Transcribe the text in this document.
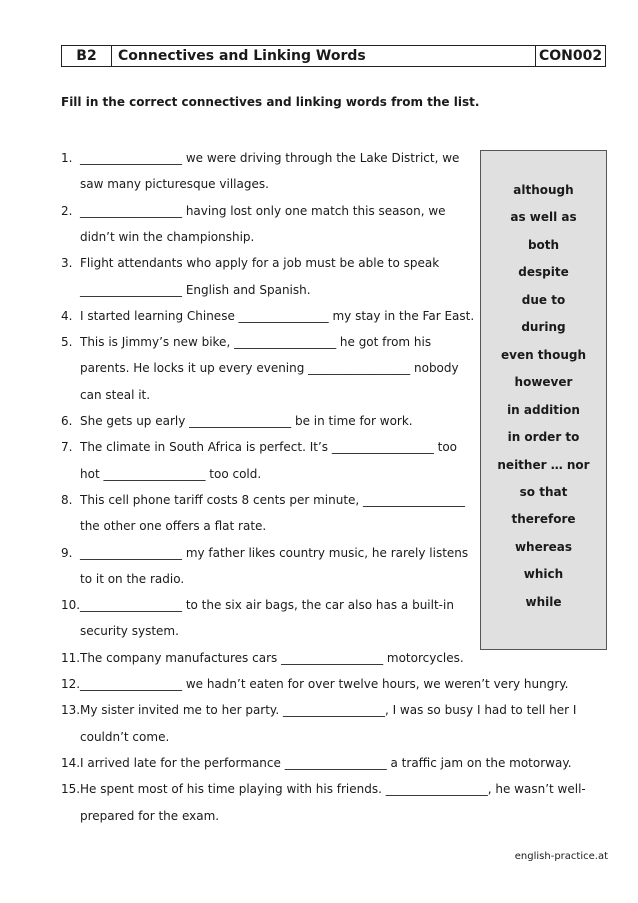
B2	Connectives and Linking Words	CON002
Fill in the correct connectives and linking words from the list.
1. _________________ we were driving through the Lake District, we
saw many picturesque villages.
2. _________________ having lost only one match this season, we
didn’t win the championship.
3. Flight attendants who apply for a job must be able to speak
_________________ English and Spanish.
4. I started learning Chinese _______________ my stay in the Far East.
5. This is Jimmy’s new bike, _________________ he got from his
parents. He locks it up every evening _________________ nobody
can steal it.
6. She gets up early _________________ be in time for work.
7. The climate in South Africa is perfect. It’s _________________ too
hot _________________ too cold.
8. This cell phone tariff costs 8 cents per minute, _________________
the other one offers a flat rate.
9. _________________ my father likes country music, he rarely listens
to it on the radio.
10. _________________ to the six air bags, the car also has a built-in
security system.
11. The company manufactures cars _________________ motorcycles.
12. _________________ we hadn’t eaten for over twelve hours, we weren’t very hungry.
13. My sister invited me to her party. _________________, I was so busy I had to tell her I
couldn’t come.
14. I arrived late for the performance _________________ a traffic jam on the motorway.
15. He spent most of his time playing with his friends. _________________, he wasn’t well-
prepared for the exam.
although
as well as
both
despite
due to
during
even though
however
in addition
in order to
neither … nor
so that
therefore
whereas
which
while
english-practice.at
